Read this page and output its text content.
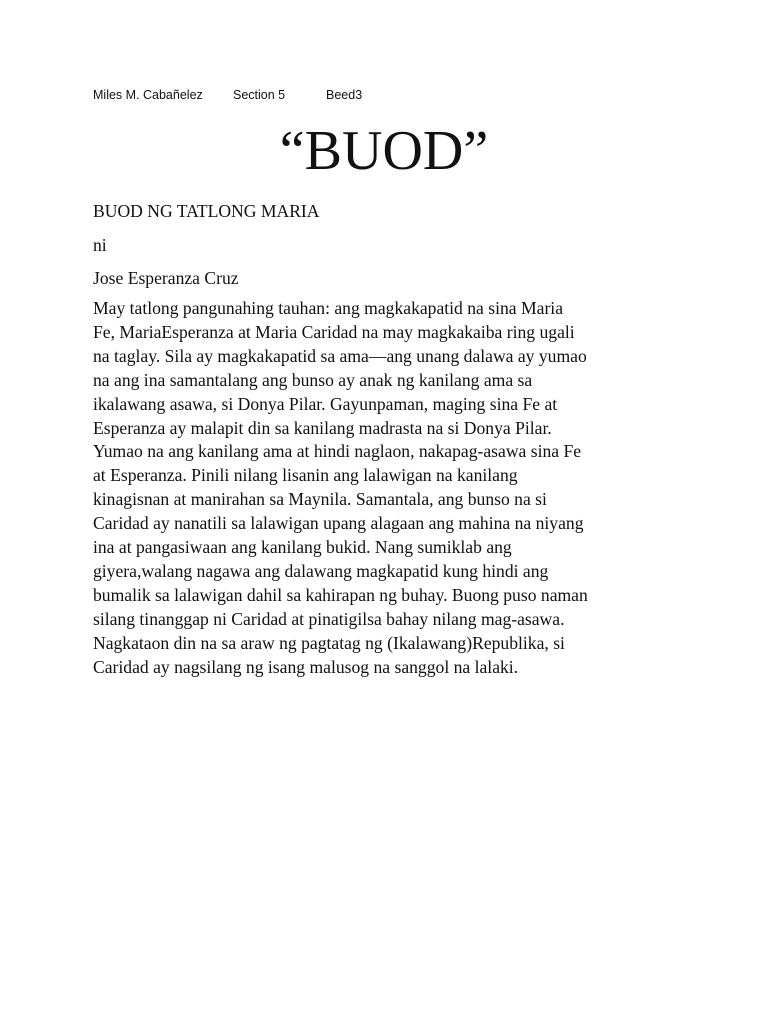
Miles M. Cabañelez Section 5	Beed3
“BUOD”
BUOD NG TATLONG MARIA
ni
Jose Esperanza Cruz
May tatlong pangunahing tauhan: ang magkakapatid na sina Maria
Fe, MariaEsperanza at Maria Caridad na may magkakaiba ring ugali
na taglay. Sila ay magkakapatid sa ama—ang unang dalawa ay yumao
na ang ina samantalang ang bunso ay anak ng kanilang ama sa
ikalawang asawa, si Donya Pilar. Gayunpaman, maging sina Fe at
Esperanza ay malapit din sa kanilang madrasta na si Donya Pilar.
Yumao na ang kanilang ama at hindi naglaon, nakapag-asawa sina Fe
at Esperanza. Pinili nilang lisanin ang lalawigan na kanilang
kinagisnan at manirahan sa Maynila. Samantala, ang bunso na si
Caridad ay nanatili sa lalawigan upang alagaan ang mahina na niyang
ina at pangasiwaan ang kanilang bukid. Nang sumiklab ang
giyera,walang nagawa ang dalawang magkapatid kung hindi ang
bumalik sa lalawigan dahil sa kahirapan ng buhay. Buong puso naman
silang tinanggap ni Caridad at pinatigilsa bahay nilang mag-asawa.
Nagkataon din na sa araw ng pagtatag ng (Ikalawang)Republika, si
Caridad ay nagsilang ng isang malusog na sanggol na lalaki.
